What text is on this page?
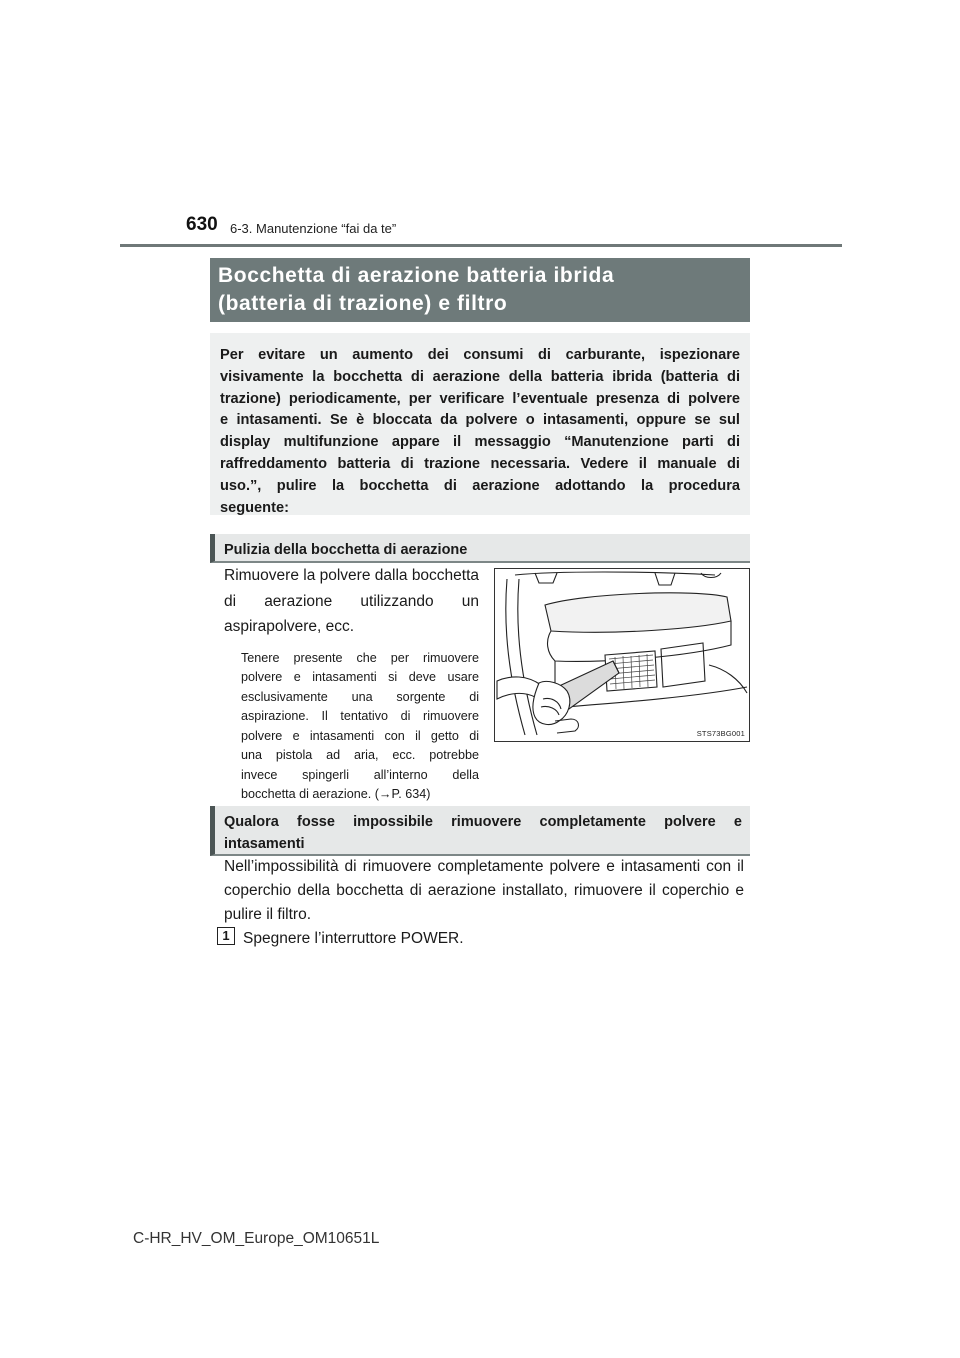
630 6-3. Manutenzione “fai da te”
Bocchetta di aerazione batteria ibrida
(batteria di trazione) e filtro
Per evitare un aumento dei consumi di carburante, ispezionare
visivamente la bocchetta di aerazione della batteria ibrida (batteria di
trazione) periodicamente, per verificare l’eventuale presenza di polvere
e intasamenti. Se è bloccata da polvere o intasamenti, oppure se sul
display multifunzione appare il messaggio “Manutenzione parti di
raffreddamento batteria di trazione necessaria. Vedere il manuale di
uso.”, pulire la bocchetta di aerazione adottando la procedura
seguente:
Pulizia della bocchetta di aerazione
Rimuovere la polvere dalla bocchetta
di aerazione utilizzando un
aspirapolvere, ecc.
Tenere presente che per rimuovere
polvere e intasamenti si deve usare
esclusivamente una sorgente di
aspirazione. Il tentativo di rimuovere
polvere e intasamenti con il getto di
una pistola ad aria, ecc. potrebbe
invece spingerli all’interno della
bocchetta di aerazione. (→P. 634)
STS73BG001
Qualora fosse impossibile rimuovere completamente polvere e
intasamenti
Nell’impossibilità di rimuovere completamente polvere e intasamenti con il
coperchio della bocchetta di aerazione installato, rimuovere il coperchio e
pulire il filtro.
1 Spegnere l’interruttore POWER.
C-HR_HV_OM_Europe_OM10651L
